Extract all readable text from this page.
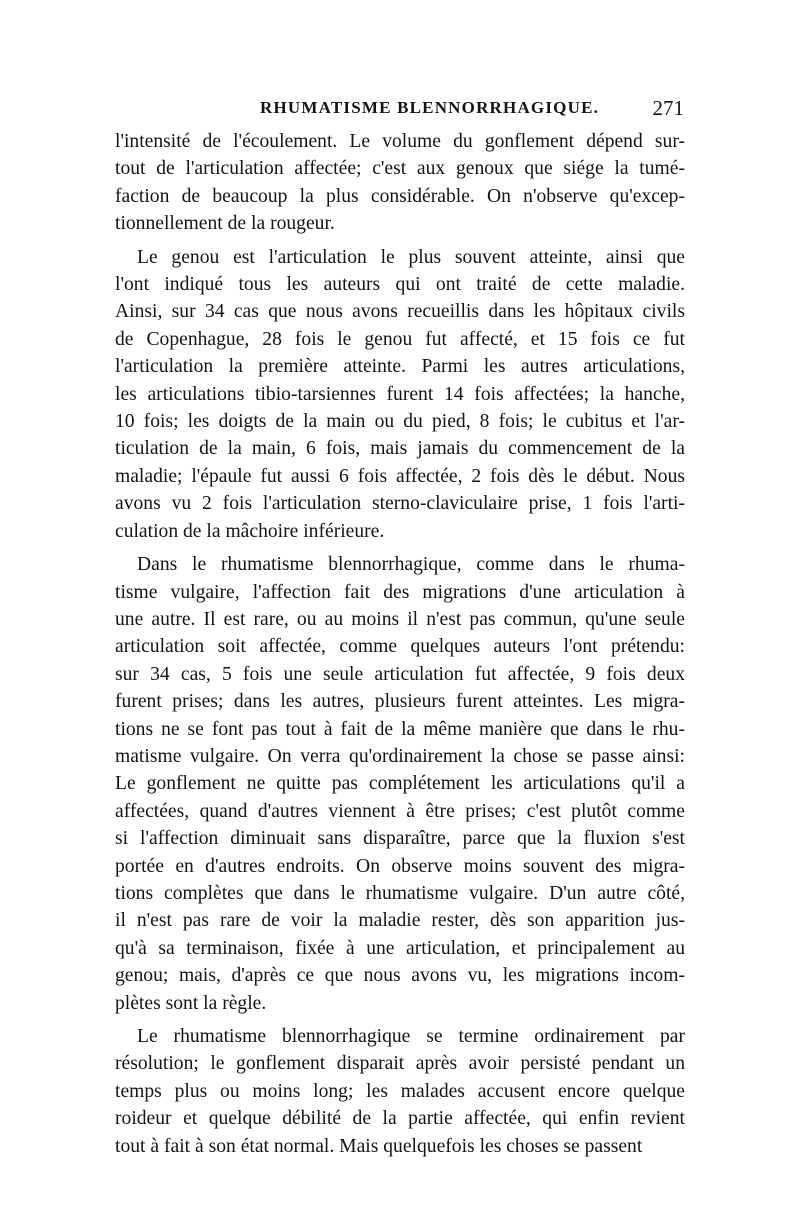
RHUMATISME BLENNORRHAGIQUE.	271
l'intensité de l'écoulement. Le volume du gonflement dépend sur-
tout de l'articulation affectée; c'est aux genoux que siége la tumé-
faction de beaucoup la plus considérable. On n'observe qu'excep-
tionnellement de la rougeur.
Le genou est l'articulation le plus souvent atteinte, ainsi que
l'ont indiqué tous les auteurs qui ont traité de cette maladie.
Ainsi, sur 34 cas que nous avons recueillis dans les hôpitaux civils
de Copenhague, 28 fois le genou fut affecté, et 15 fois ce fut
l'articulation la première atteinte. Parmi les autres articulations,
les articulations tibio-tarsiennes furent 14 fois affectées; la hanche,
10 fois; les doigts de la main ou du pied, 8 fois; le cubitus et l'ar-
ticulation de la main, 6 fois, mais jamais du commencement de la
maladie; l'épaule fut aussi 6 fois affectée, 2 fois dès le début. Nous
avons vu 2 fois l'articulation sterno-claviculaire prise, 1 fois l'arti-
culation de la mâchoire inférieure.
Dans le rhumatisme blennorrhagique, comme dans le rhuma-
tisme vulgaire, l'affection fait des migrations d'une articulation à
une autre. Il est rare, ou au moins il n'est pas commun, qu'une seule
articulation soit affectée, comme quelques auteurs l'ont prétendu:
sur 34 cas, 5 fois une seule articulation fut affectée, 9 fois deux
furent prises; dans les autres, plusieurs furent atteintes. Les migra-
tions ne se font pas tout à fait de la même manière que dans le rhu-
matisme vulgaire. On verra qu'ordinairement la chose se passe ainsi:
Le gonflement ne quitte pas complétement les articulations qu'il a
affectées, quand d'autres viennent à être prises; c'est plutôt comme
si l'affection diminuait sans disparaître, parce que la fluxion s'est
portée en d'autres endroits. On observe moins souvent des migra-
tions complètes que dans le rhumatisme vulgaire. D'un autre côté,
il n'est pas rare de voir la maladie rester, dès son apparition jus-
qu'à sa terminaison, fixée à une articulation, et principalement au
genou; mais, d'après ce que nous avons vu, les migrations incom-
plètes sont la règle.
Le rhumatisme blennorrhagique se termine ordinairement par
résolution; le gonflement disparait après avoir persisté pendant un
temps plus ou moins long; les malades accusent encore quelque
roideur et quelque débilité de la partie affectée, qui enfin revient
tout à fait à son état normal. Mais quelquefois les choses se passent
